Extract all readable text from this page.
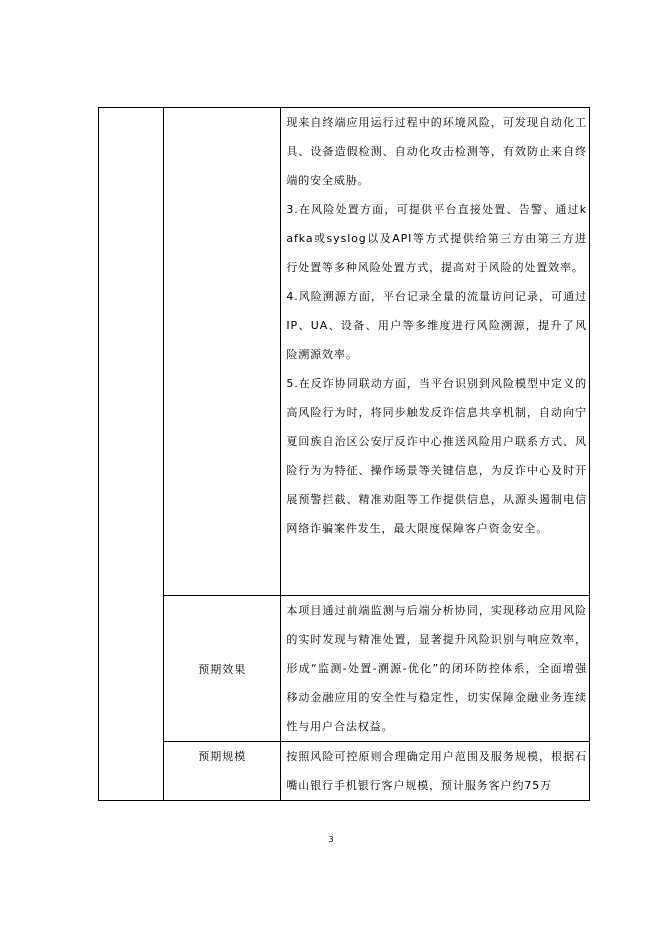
		现来自终端应用运行过程中的环境风险，可发现自动化工具、设备造假检测、自动化攻击检测等，有效防止来自终端的安全威胁。

3.在风险处置方面，可提供平台直接处置、告警、通过kafka或syslog以及API等方式提供给第三方由第三方进行处置等多种风险处置方式，提高对于风险的处置效率。

4.风险溯源方面，平台记录全量的流量访问记录，可通过IP、UA、设备、用户等多维度进行风险溯源，提升了风险溯源效率。

5.在反诈协同联动方面，当平台识别到风险模型中定义的高风险行为时，将同步触发反诈信息共享机制，自动向宁夏回族自治区公安厅反诈中心推送风险用户联系方式、风险行为为特征、操作场景等关键信息，为反诈中心及时开展预警拦截、精准劝阻等工作提供信息，从源头遏制电信网络诈骗案件发生，最大限度保障客户资金安全。

	预期效果	本项目通过前端监测与后端分析协同，实现移动应用风险的实时发现与精准处置，显著提升风险识别与响应效率，形成“监测-处置-溯源-优化”的闭环防控体系，全面增强移动金融应用的安全性与稳定性，切实保障金融业务连续性与用户合法权益。

	预期规模	按照风险可控原则合理确定用户范围及服务规模，根据石嘴山银行手机银行客户规模，预计服务客户约75万

3
